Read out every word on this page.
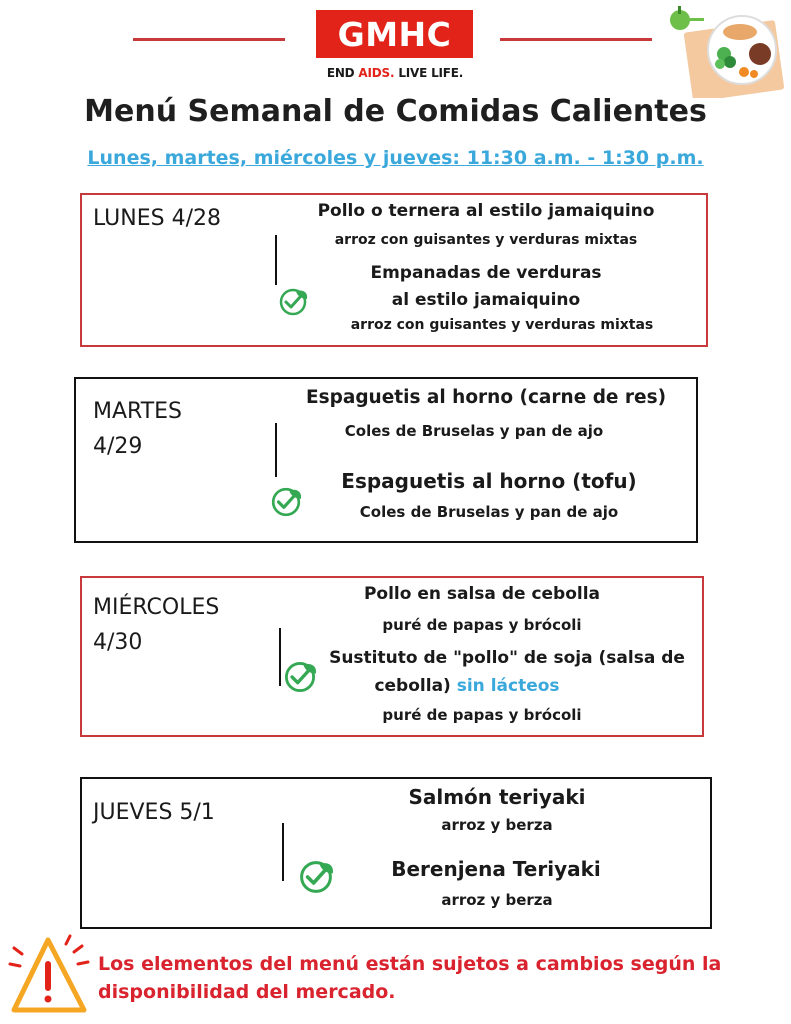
GMHC
END AIDS. LIVE LIFE.
Menú Semanal de Comidas Calientes
Lunes, martes, miércoles y jueves: 11:30 a.m. - 1:30 p.m.
LUNES 4/28	Pollo o ternera al estilo jamaiquino
arroz con guisantes y verduras mixtas
Empanadas de verduras
al estilo jamaiquino
arroz con guisantes y verduras mixtas
MARTES
4/29
Espaguetis al horno (carne de res)
Coles de Bruselas y pan de ajo
Espaguetis al horno (tofu)
Coles de Bruselas y pan de ajo
MIÉRCOLES
4/30
Pollo en salsa de cebolla
puré de papas y brócoli
Sustituto de "pollo" de soja (salsa de
cebolla) sin lácteos
puré de papas y brócoli
JUEVES 5/1
Salmón teriyaki
arroz y berza
Berenjena Teriyaki
arroz y berza
Los elementos del menú están sujetos a cambios según la
disponibilidad del mercado.
